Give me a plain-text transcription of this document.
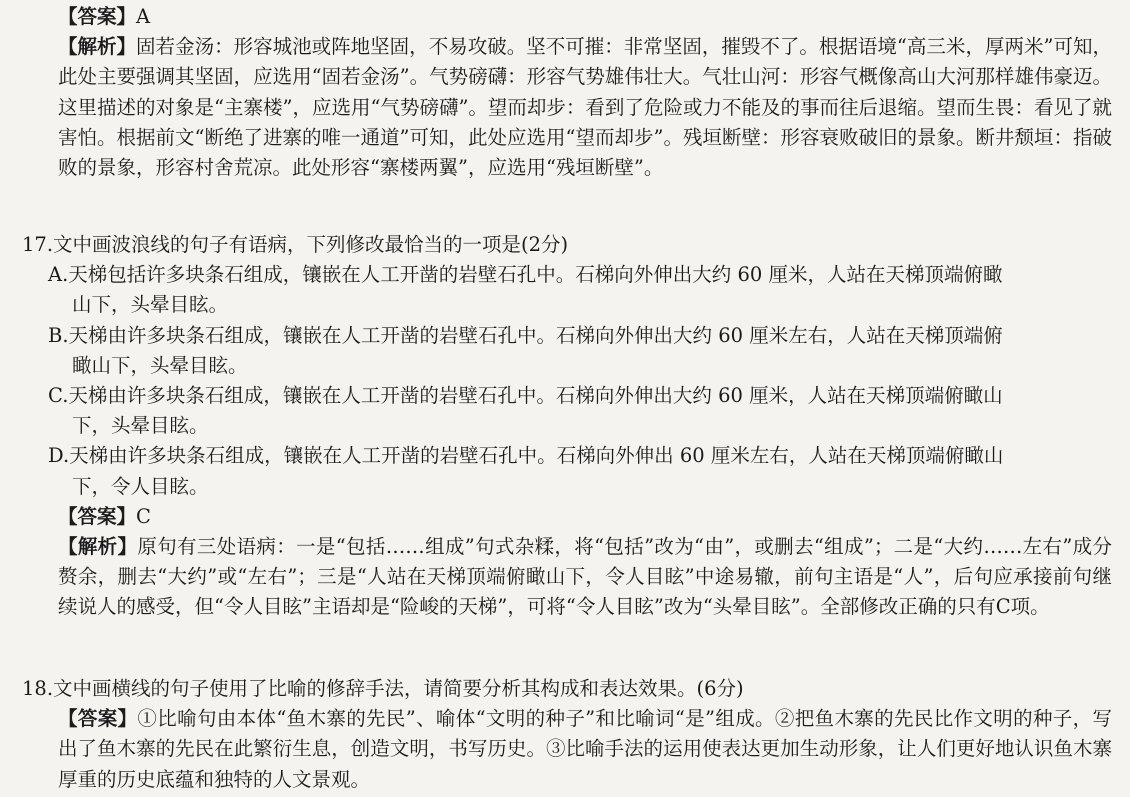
【答案】A

【解析】固若金汤：形容城池或阵地坚固，不易攻破。坚不可摧：非常坚固，摧毁不了。根据语境“高三米，厚两米”可知，此处主要强调其坚固，应选用“固若金汤”。气势磅礴：形容气势雄伟壮大。气壮山河：形容气概像高山大河那样雄伟豪迈。这里描述的对象是“主寨楼”，应选用“气势磅礴”。望而却步：看到了危险或力不能及的事而往后退缩。望而生畏：看见了就害怕。根据前文“断绝了进寨的唯一通道”可知，此处应选用“望而却步”。残垣断壁：形容衰败破旧的景象。断井颓垣：指破败的景象，形容村舍荒凉。此处形容“寨楼两翼”，应选用“残垣断壁”。

17.文中画波浪线的句子有语病，下列修改最恰当的一项是(2分)

A.天梯包括许多块条石组成，镶嵌在人工开凿的岩壁石孔中。石梯向外伸出大约 60 厘米，人站在天梯顶端俯瞰
山下，头晕目眩。

B.天梯由许多块条石组成，镶嵌在人工开凿的岩壁石孔中。石梯向外伸出大约 60 厘米左右，人站在天梯顶端俯
瞰山下，头晕目眩。

C.天梯由许多块条石组成，镶嵌在人工开凿的岩壁石孔中。石梯向外伸出大约 60 厘米，人站在天梯顶端俯瞰山
下，头晕目眩。

D.天梯由许多块条石组成，镶嵌在人工开凿的岩壁石孔中。石梯向外伸出 60 厘米左右，人站在天梯顶端俯瞰山
下，令人目眩。

【答案】C

【解析】原句有三处语病：一是“包括……组成”句式杂糅，将“包括”改为“由”，或删去“组成”；二是“大约……左右”成分赘余，删去“大约”或“左右”；三是“人站在天梯顶端俯瞰山下，令人目眩”中途易辙，前句主语是“人”，后句应承接前句继续说人的感受，但“令人目眩”主语却是“险峻的天梯”，可将“令人目眩”改为“头晕目眩”。全部修改正确的只有C项。

18.文中画横线的句子使用了比喻的修辞手法，请简要分析其构成和表达效果。(6分)

【答案】①比喻句由本体“鱼木寨的先民”、喻体“文明的种子”和比喻词“是”组成。②把鱼木寨的先民比作文明的种子，写出了鱼木寨的先民在此繁衍生息，创造文明，书写历史。③比喻手法的运用使表达更加生动形象，让人们更好地认识鱼木寨厚重的历史底蕴和独特的人文景观。
